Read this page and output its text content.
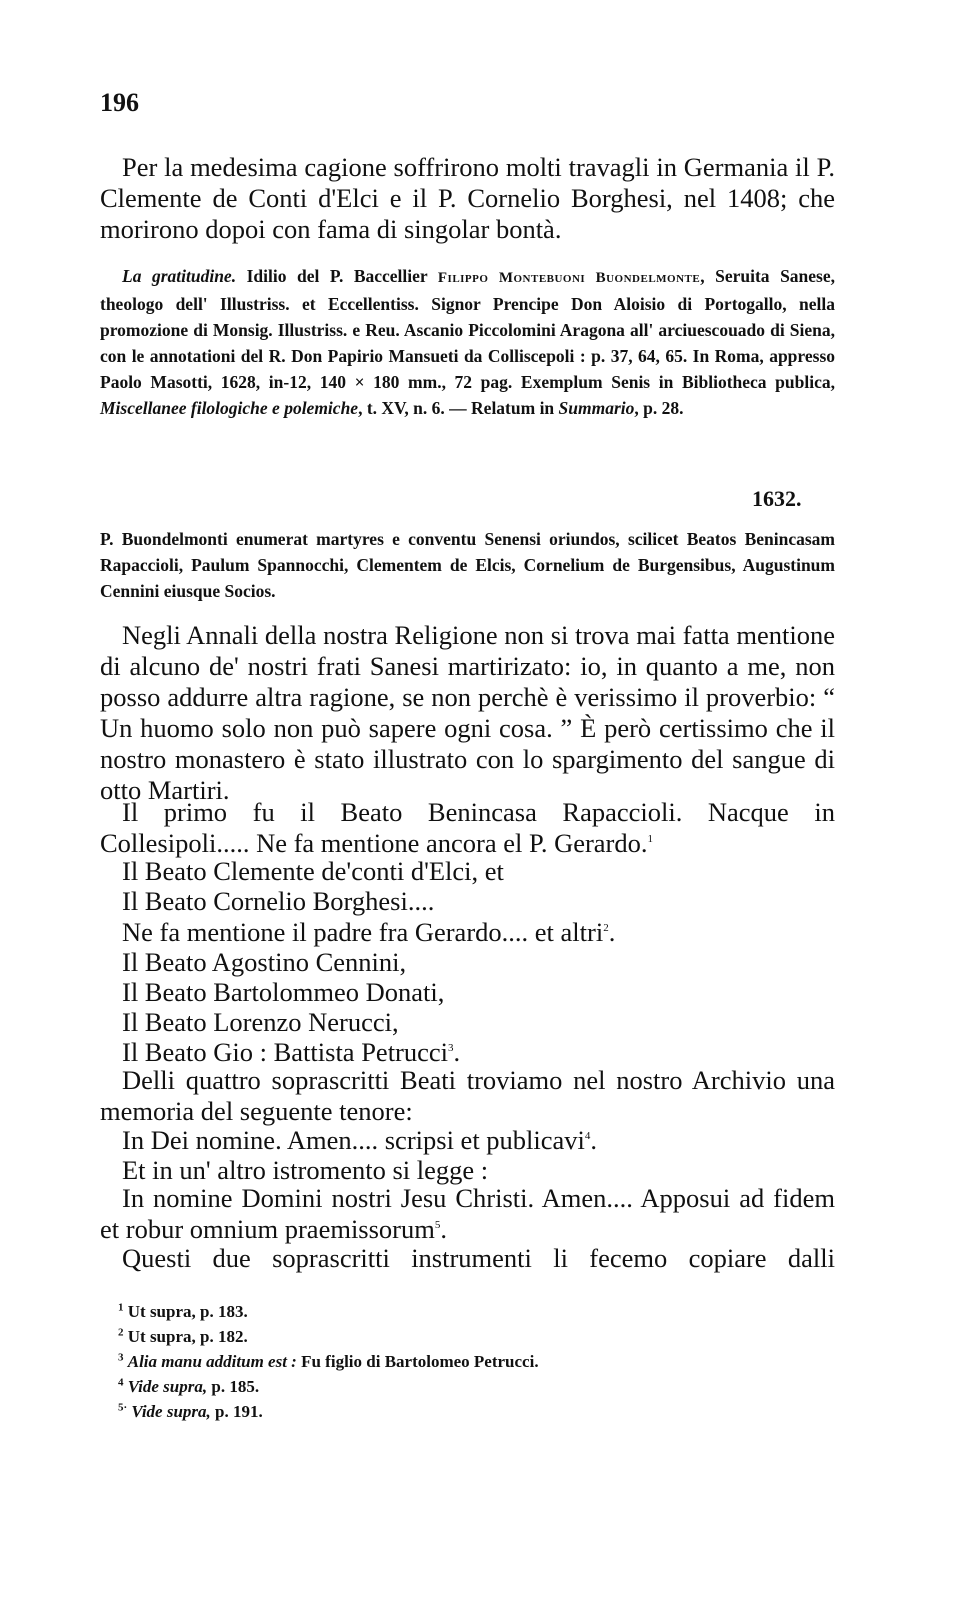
196

Per la medesima cagione soffrirono molti travagli in Germania il P. Clemente de Conti d'Elci e il P. Cornelio Borghesi, nel 1408; che morirono dopoi con fama di singolar bontà.

La gratitudine. Idilio del P. Baccellier Filippo Montebuoni Buondelmonte, Seruita Sanese, theologo dell' Illustriss. et Eccellentiss. Signor Prencipe Don Aloisio di Portogallo, nella promozione di Monsig. Illustriss. e Reu. Ascanio Piccolomini Aragona all' arciuescouado di Siena, con le annotationi del R. Don Papirio Mansueti da Colliscepoli : p. 37, 64, 65. In Roma, appresso Paolo Masotti, 1628, in-12, 140 × 180 mm., 72 pag. Exemplum Senis in Bibliotheca publica, Miscellanee filologiche e polemiche, t. XV, n. 6. — Relatum in Summario, p. 28.

1632.

P. Buondelmonti enumerat martyres e conventu Senensi oriundos, scilicet Beatos Benincasam Rapaccioli, Paulum Spannocchi, Clementem de Elcis, Cornelium de Burgensibus, Augustinum Cennini eiusque Socios.

Negli Annali della nostra Religione non si trova mai fatta mentione di alcuno de' nostri frati Sanesi martirizato: io, in quanto a me, non posso addurre altra ragione, se non perchè è verissimo il proverbio: “ Un huomo solo non può sapere ogni cosa. ” È però certissimo che il nostro monastero è stato illustrato con lo spargimento del sangue di otto Martiri.

Il primo fu il Beato Benincasa Rapaccioli. Nacque in Collesipoli..... Ne fa mentione ancora el P. Gerardo.$^1$

Il Beato Clemente de'conti d'Elci, et
Il Beato Cornelio Borghesi....
Ne fa mentione il padre fra Gerardo.... et altri$^2$.
Il Beato Agostino Cennini,
Il Beato Bartolommeo Donati,
Il Beato Lorenzo Nerucci,
Il Beato Gio : Battista Petrucci$^3$.

Delli quattro soprascritti Beati troviamo nel nostro Archivio una memoria del seguente tenore:

In Dei nomine. Amen.... scripsi et publicavi$^4$.
Et in un' altro istromento si legge :

In nomine Domini nostri Jesu Christi. Amen.... Apposui ad fidem et robur omnium praemissorum$^5$.

Questi due soprascritti instrumenti li fecemo copiare dalli

$^1$ Ut supra, p. 183.
$^2$ Ut supra, p. 182.
$^3$ Alia manu additum est : Fu figlio di Bartolomeo Petrucci.
$^4$ Vide supra, p. 185.
$^{5\cdot}$ Vide supra, p. 191.
